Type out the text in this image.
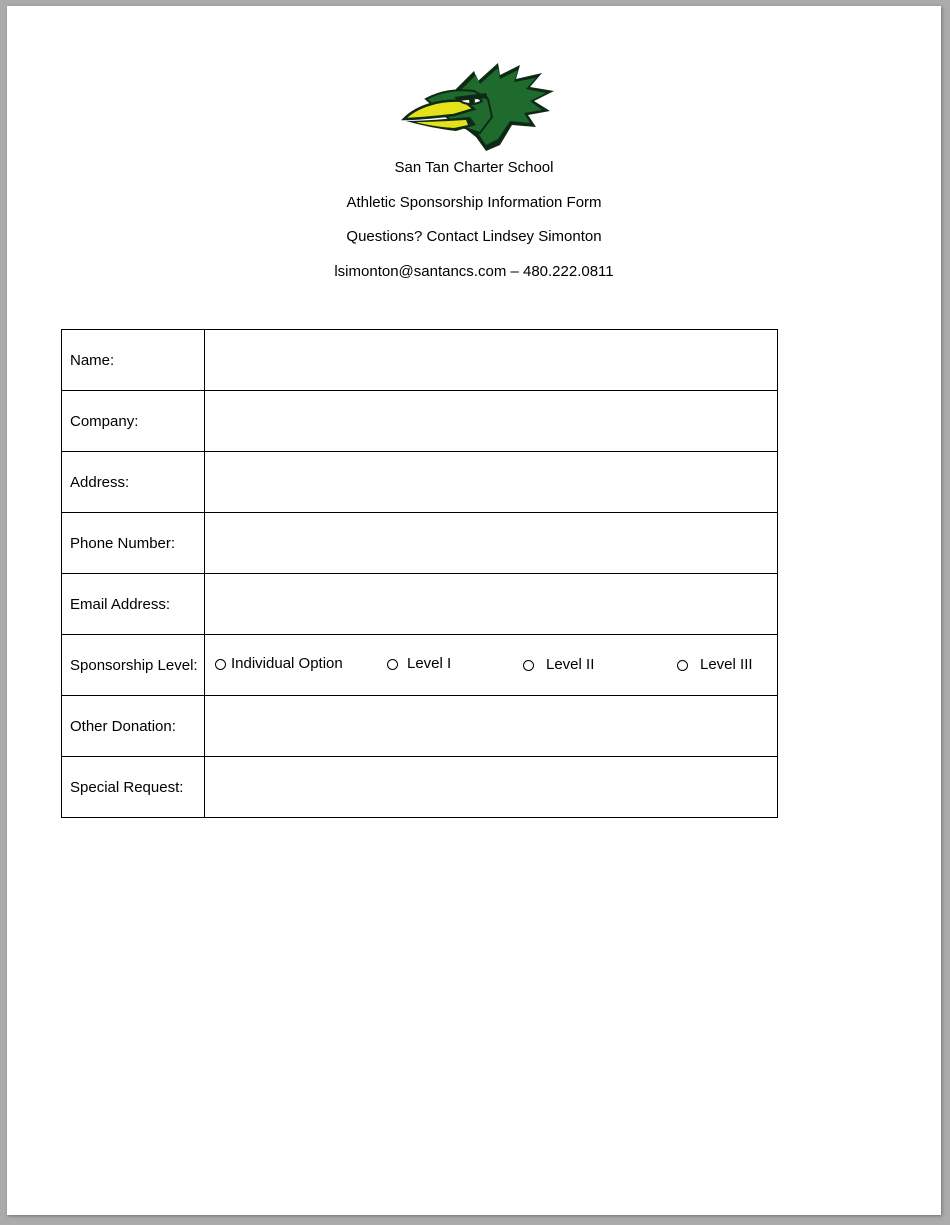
San Tan Charter School
Athletic Sponsorship Information Form
Questions? Contact Lindsey Simonton
lsimonton@santancs.com – 480.222.0811
Name:	
Company:	
Address:	
Phone Number:	
Email Address:	
Sponsorship Level:	Individual Option Level I Level II Level III

Other Donation:	
Special Request:	
